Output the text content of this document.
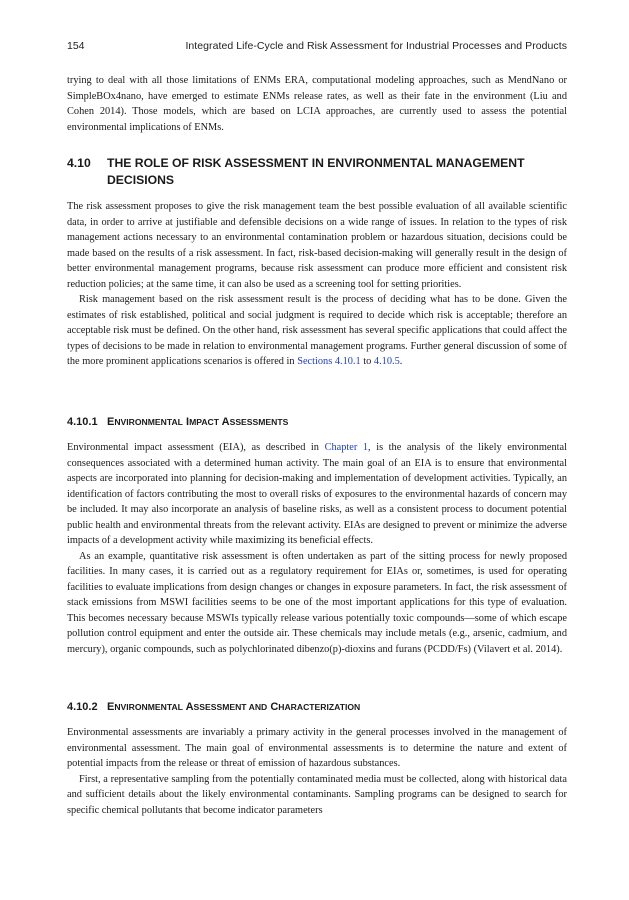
154	Integrated Life-Cycle and Risk Assessment for Industrial Processes and Products

trying to deal with all those limitations of ENMs ERA, computational modeling approaches, such as MendNano or SimpleBOx4nano, have emerged to estimate ENMs release rates, as well as their fate in the environment (Liu and Cohen 2014). Those models, which are based on LCIA approaches, are currently used to assess the potential environmental implications of ENMs.

4.10	THE ROLE OF RISK ASSESSMENT IN ENVIRONMENTAL MANAGEMENT DECISIONS

The risk assessment proposes to give the risk management team the best possible evaluation of all available scientific data, in order to arrive at justifiable and defensible decisions on a wide range of issues. In relation to the types of risk management actions necessary to an environmental contamination problem or hazardous situation, decisions could be made based on the results of a risk assessment. In fact, risk-based decision-making will generally result in the design of better environmental management programs, because risk assessment can produce more efficient and consistent risk reduction policies; at the same time, it can also be used as a screening tool for setting priorities.

Risk management based on the risk assessment result is the process of deciding what has to be done. Given the estimates of risk established, political and social judgment is required to decide which risk is acceptable; therefore an acceptable risk must be defined. On the other hand, risk assessment has several specific applications that could affect the types of decisions to be made in relation to environmental management programs. Further general discussion of some of the more prominent applications scenarios is offered in Sections 4.10.1 to 4.10.5.

4.10.1 ENVIRONMENTAL IMPACT ASSESSMENTS

Environmental impact assessment (EIA), as described in Chapter 1, is the analysis of the likely environmental consequences associated with a determined human activity. The main goal of an EIA is to ensure that environmental aspects are incorporated into planning for decision-making and implementation of development activities. Typically, an identification of factors contributing the most to overall risks of exposures to the environmental hazards of concern may be included. It may also incorporate an analysis of baseline risks, as well as a consistent process to document potential public health and environmental threats from the relevant activity. EIAs are designed to prevent or minimize the adverse impacts of a development activity while maximizing its beneficial effects.

As an example, quantitative risk assessment is often undertaken as part of the sitting process for newly proposed facilities. In many cases, it is carried out as a regulatory requirement for EIAs or, sometimes, is used for operating facilities to evaluate implications from design changes or changes in exposure parameters. In fact, the risk assessment of stack emissions from MSWI facilities seems to be one of the most important applications for this type of evaluation. This becomes necessary because MSWIs typically release various potentially toxic compounds—some of which escape pollution control equipment and enter the outside air. These chemicals may include metals (e.g., arsenic, cadmium, and mercury), organic compounds, such as polychlorinated dibenzo(p)-dioxins and furans (PCDD/Fs) (Vilavert et al. 2014).

4.10.2 ENVIRONMENTAL ASSESSMENT AND CHARACTERIZATION

Environmental assessments are invariably a primary activity in the general processes involved in the management of environmental assessment. The main goal of environmental assessments is to determine the nature and extent of potential impacts from the release or threat of emission of hazardous substances.

First, a representative sampling from the potentially contaminated media must be collected, along with historical data and sufficient details about the likely environmental contaminants. Sampling programs can be designed to search for specific chemical pollutants that become indicator parameters
